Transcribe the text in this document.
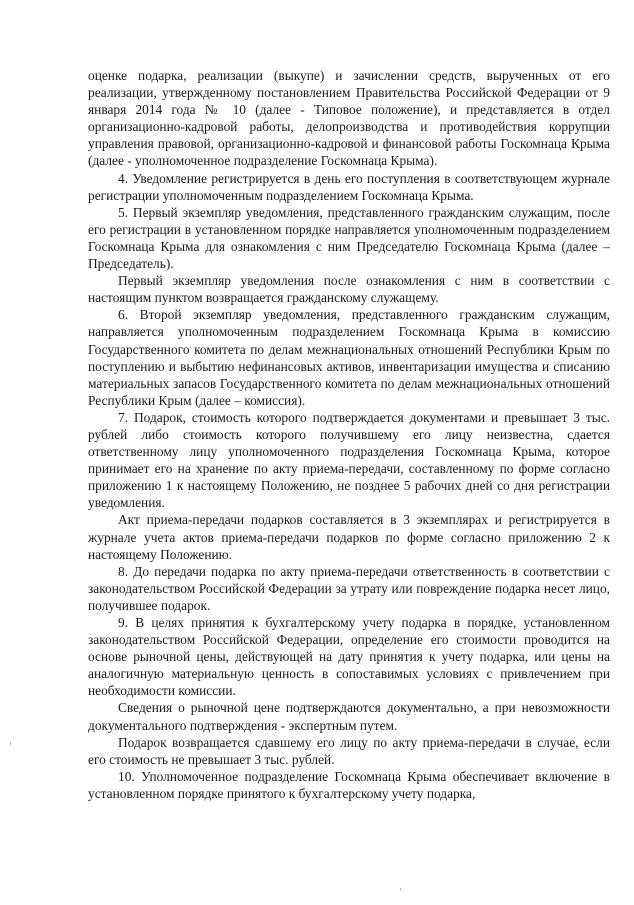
оценке подарка, реализации (выкупе) и зачислении средств, вырученных от его реализации, утвержденному постановлением Правительства Российской Федерации от 9 января 2014 года № 10 (далее - Типовое положение), и представляется в отдел организационно-кадровой работы, делопроизводства и противодействия коррупции управления правовой, организационно-кадровой и финансовой работы Госкомнаца Крыма (далее - уполномоченное подразделение Госкомнаца Крыма).

4. Уведомление регистрируется в день его поступления в соответствующем журнале регистрации уполномоченным подразделением Госкомнаца Крыма.

5. Первый экземпляр уведомления, представленного гражданским служащим, после его регистрации в установленном порядке направляется уполномоченным подразделением Госкомнаца Крыма для ознакомления с ним Председателю Госкомнаца Крыма (далее – Председатель).

Первый экземпляр уведомления после ознакомления с ним в соответствии с настоящим пунктом возвращается гражданскому служащему.

6. Второй экземпляр уведомления, представленного гражданским служащим, направляется уполномоченным подразделением Госкомнаца Крыма в комиссию Государственного комитета по делам межнациональных отношений Республики Крым по поступлению и выбытию нефинансовых активов, инвентаризации имущества и списанию материальных запасов Государственного комитета по делам межнациональных отношений Республики Крым (далее – комиссия).

7. Подарок, стоимость которого подтверждается документами и превышает 3 тыс. рублей либо стоимость которого получившему его лицу неизвестна, сдается ответственному лицу уполномоченного подразделения Госкомнаца Крыма, которое принимает его на хранение по акту приема-передачи, составленному по форме согласно приложению 1 к настоящему Положению, не позднее 5 рабочих дней со дня регистрации уведомления.

Акт приема-передачи подарков составляется в 3 экземплярах и регистрируется в журнале учета актов приема-передачи подарков по форме согласно приложению 2 к настоящему Положению.

8. До передачи подарка по акту приема-передачи ответственность в соответствии с законодательством Российской Федерации за утрату или повреждение подарка несет лицо, получившее подарок.

9. В целях принятия к бухгалтерскому учету подарка в порядке, установленном законодательством Российской Федерации, определение его стоимости проводится на основе рыночной цены, действующей на дату принятия к учету подарка, или цены на аналогичную материальную ценность в сопоставимых условиях с привлечением при необходимости комиссии.

Сведения о рыночной цене подтверждаются документально, а при невозможности документального подтверждения - экспертным путем.

Подарок возвращается сдавшему его лицу по акту приема-передачи в случае, если его стоимость не превышает 3 тыс. рублей.

10. Уполномоченное подразделение Госкомнаца Крыма обеспечивает включение в установленном порядке принятого к бухгалтерскому учету подарка,
